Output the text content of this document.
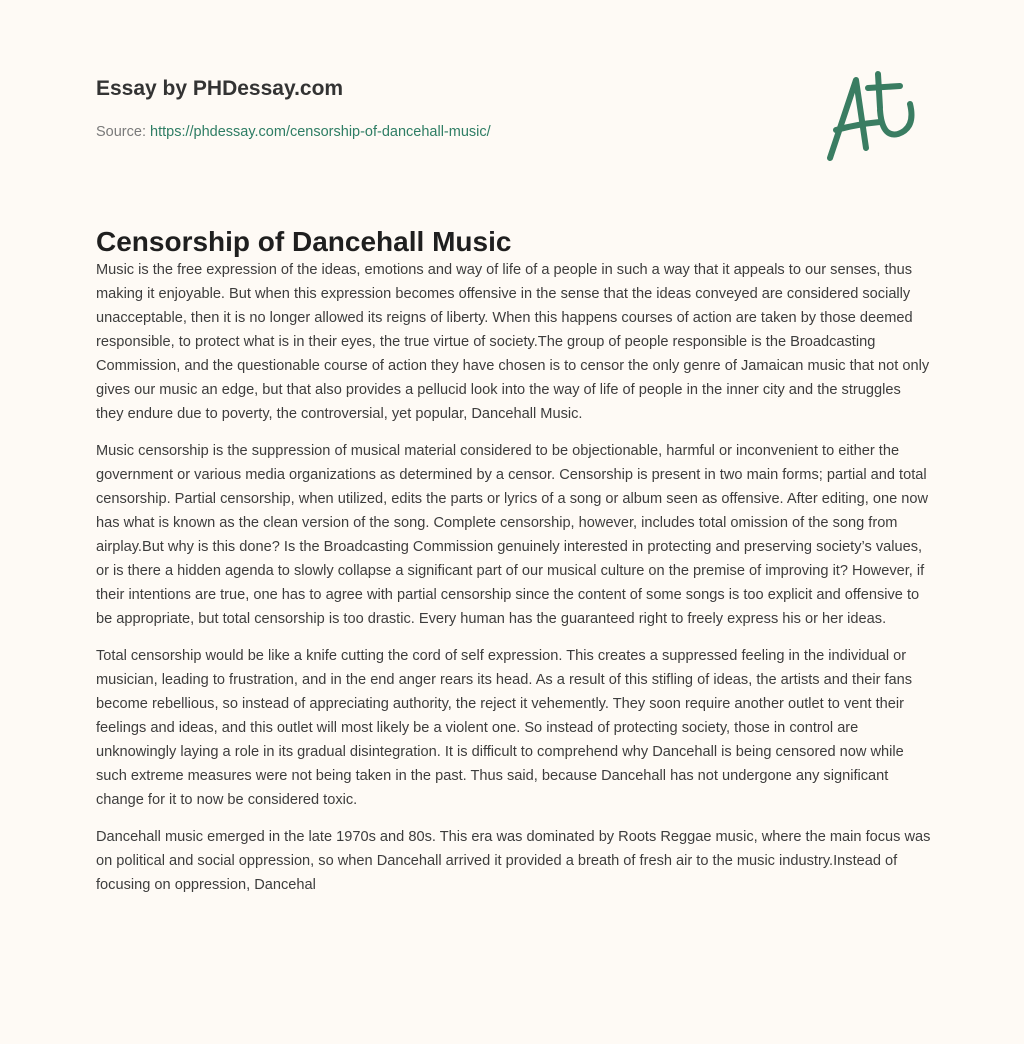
Essay by PHDessay.com
Source: https://phdessay.com/censorship-of-dancehall-music/
Censorship of Dancehall Music

Music is the free expression of the ideas, emotions and way of life of a people in such a way that it appeals to our senses, thus making it enjoyable. But when this expression becomes offensive in the sense that the ideas conveyed are considered socially unacceptable, then it is no longer allowed its reigns of liberty. When this happens courses of action are taken by those deemed responsible, to protect what is in their eyes, the true virtue of society.The group of people responsible is the Broadcasting Commission, and the questionable course of action they have chosen is to censor the only genre of Jamaican music that not only gives our music an edge, but that also provides a pellucid look into the way of life of people in the inner city and the struggles they endure due to poverty, the controversial, yet popular, Dancehall Music.

Music censorship is the suppression of musical material considered to be objectionable, harmful or inconvenient to either the government or various media organizations as determined by a censor. Censorship is present in two main forms; partial and total censorship. Partial censorship, when utilized, edits the parts or lyrics of a song or album seen as offensive. After editing, one now has what is known as the clean version of the song. Complete censorship, however, includes total omission of the song from airplay.But why is this done? Is the Broadcasting Commission genuinely interested in protecting and preserving society’s values, or is there a hidden agenda to slowly collapse a significant part of our musical culture on the premise of improving it? However, if their intentions are true, one has to agree with partial censorship since the content of some songs is too explicit and offensive to be appropriate, but total censorship is too drastic. Every human has the guaranteed right to freely express his or her ideas.

Total censorship would be like a knife cutting the cord of self expression. This creates a suppressed feeling in the individual or musician, leading to frustration, and in the end anger rears its head. As a result of this stifling of ideas, the artists and their fans become rebellious, so instead of appreciating authority, the reject it vehemently. They soon require another outlet to vent their feelings and ideas, and this outlet will most likely be a violent one. So instead of protecting society, those in control are unknowingly laying a role in its gradual disintegration. It is difficult to comprehend why Dancehall is being censored now while such extreme measures were not being taken in the past. Thus said, because Dancehall has not undergone any significant change for it to now be considered toxic.

Dancehall music emerged in the late 1970s and 80s. This era was dominated by Roots Reggae music, where the main focus was on political and social oppression, so when Dancehall arrived it provided a breath of fresh air to the music industry.Instead of focusing on oppression, Dancehal
